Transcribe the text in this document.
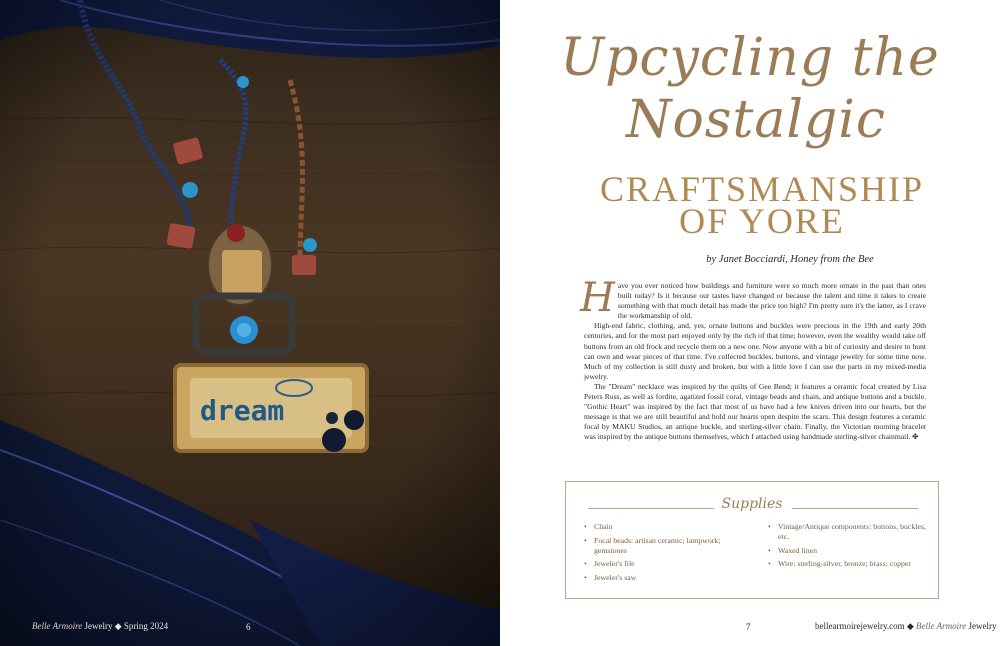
Belle Armoire Jewelry ◆ Spring 2024	6
Upcycling the
Nostalgic
CRAFTSMANSHIP
OF YORE
by Janet Bocciardi, Honey from the Bee

Have you ever noticed how buildings and furniture were so much more ornate in the past than ones built today? Is it because our tastes have changed or because the talent and time it takes to create something with that much detail has made the price too high? I'm pretty sure it's the latter, as I crave the workmanship of old.

High-end fabric, clothing, and, yes, ornate buttons and buckles were precious in the 19th and early 20th centuries, and for the most part enjoyed only by the rich of that time; however, even the wealthy would take off buttons from an old frock and recycle them on a new one. Now anyone with a bit of curiosity and desire to hunt can own and wear pieces of that time. I've collected buckles, buttons, and vintage jewelry for some time now. Much of my collection is still dusty and broken, but with a little love I can use the parts in my mixed-media jewelry.

The "Dream" necklace was inspired by the quilts of Gee Bend; it features a ceramic focal created by Lisa Peters Russ, as well as fordite, agatized fossil coral, vintage beads and chain, and antique buttons and a buckle. "Gothic Heart" was inspired by the fact that most of us have had a few knives driven into our hearts, but the message is that we are still beautiful and hold our hearts open despite the scars. This design features a ceramic focal by MAKU Studios, an antique buckle, and sterling-silver chain. Finally, the Victorian morning bracelet was inspired by the antique buttons themselves, which I attached using handmade sterling-silver chainmail. ✤

Supplies
• Chain
• Focal beads: artisan ceramic; lampwork; gemstones
• Jeweler's file
• Jeweler's saw
• Vintage/Antique components: buttons, buckles, etc.
• Waxed linen
• Wire: sterling-silver, bronze; brass; copper
7	bellearmoirejewelry.com ◆ Belle Armoire Jewelry
